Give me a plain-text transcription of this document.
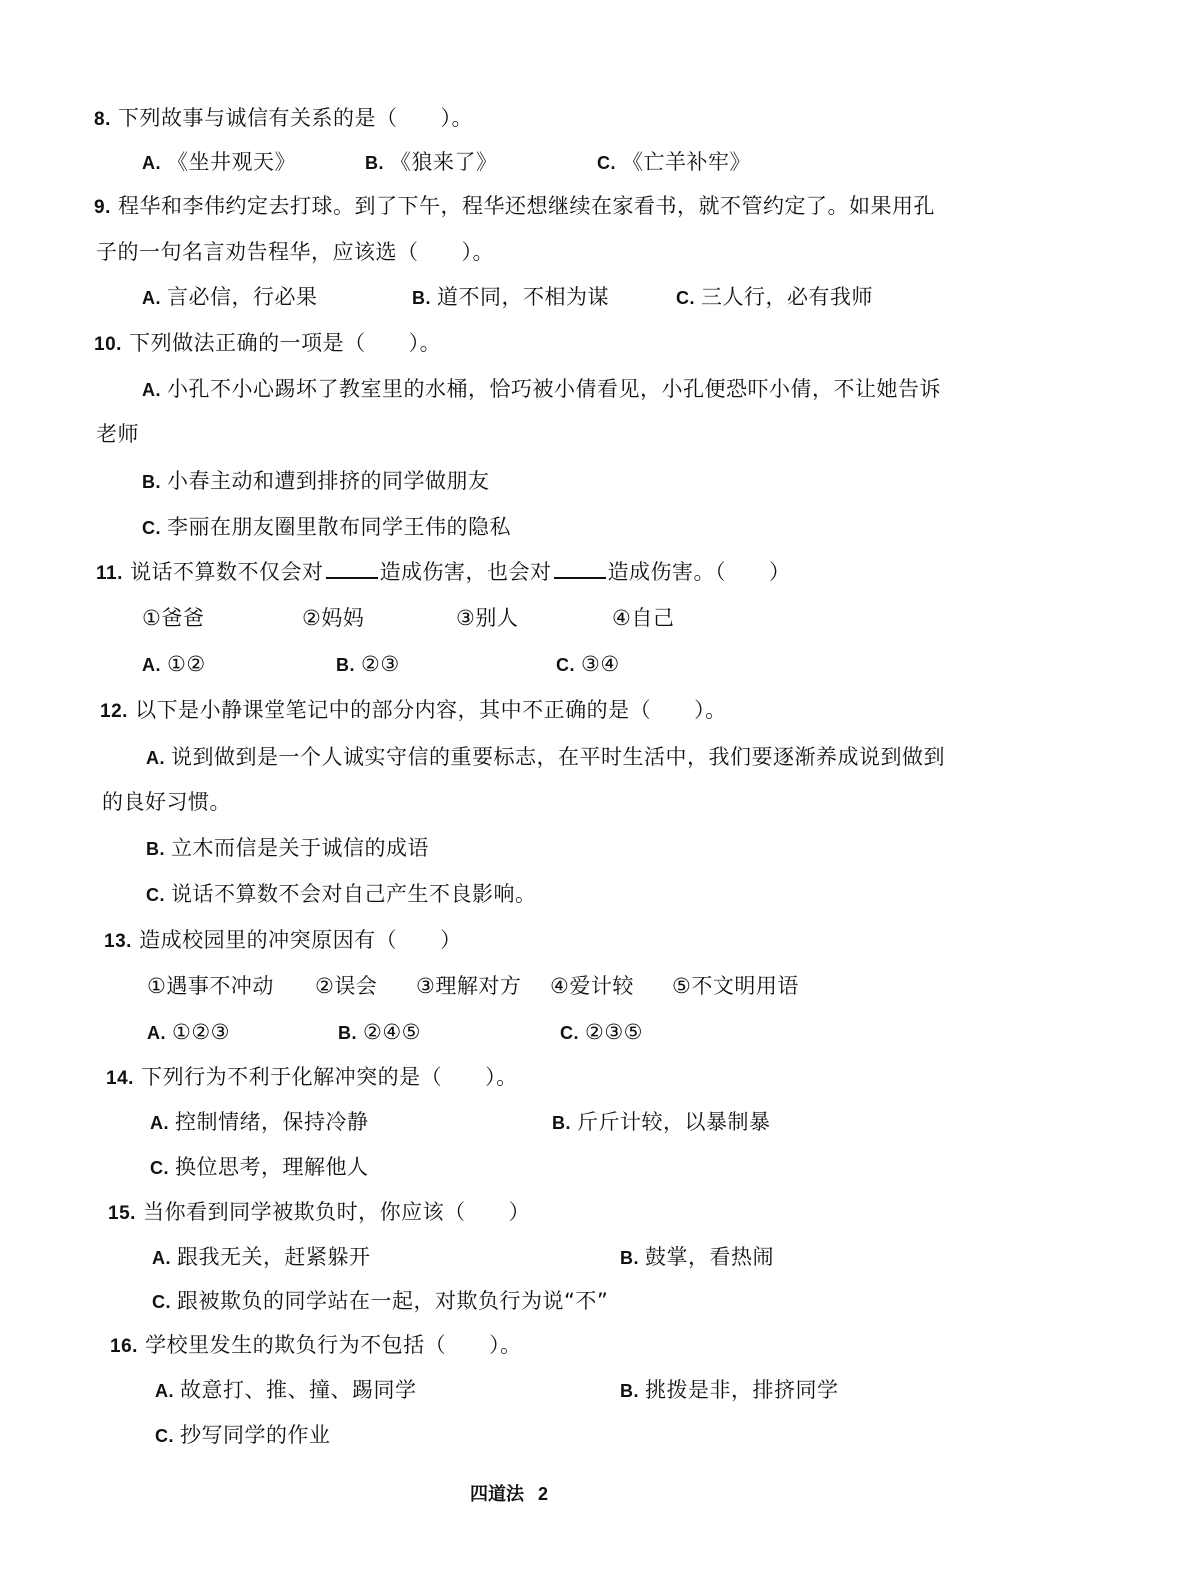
8. 下列故事与诚信有关系的是（　　）。
A. 《坐井观天》	B. 《狼来了》	C. 《亡羊补牢》
9. 程华和李伟约定去打球。到了下午，程华还想继续在家看书，就不管约定了。如果用孔
子的一句名言劝告程华，应该选（　　）。
A. 言必信，行必果	B. 道不同，不相为谋	C. 三人行，必有我师
10. 下列做法正确的一项是（　　）。
A. 小孔不小心踢坏了教室里的水桶，恰巧被小倩看见，小孔便恐吓小倩，不让她告诉
老师
B. 小春主动和遭到排挤的同学做朋友
C. 李丽在朋友圈里散布同学王伟的隐私
11. 说话不算数不仅会对	造成伤害，也会对	造成伤害。（　　）
①爸爸	②妈妈	③别人	④自己
A. ①②	B. ②③	C. ③④
12. 以下是小静课堂笔记中的部分内容，其中不正确的是（　　）。
A. 说到做到是一个人诚实守信的重要标志，在平时生活中，我们要逐渐养成说到做到
的良好习惯。
B. 立木而信是关于诚信的成语
C. 说话不算数不会对自己产生不良影响。
13. 造成校园里的冲突原因有（　　）
①遇事不冲动 ②误会 ③理解对方 ④爱计较 ⑤不文明用语
A. ①②③	B. ②④⑤	C. ②③⑤
14. 下列行为不利于化解冲突的是（　　）。
A. 控制情绪，保持冷静	B. 斤斤计较，以暴制暴
C. 换位思考，理解他人
15. 当你看到同学被欺负时，你应该（　　）
A. 跟我无关，赶紧躲开	B. 鼓掌，看热闹
C. 跟被欺负的同学站在一起，对欺负行为说“不”
16. 学校里发生的欺负行为不包括（　　）。
A. 故意打、推、撞、踢同学	B. 挑拨是非，排挤同学
C. 抄写同学的作业
四道法 2
